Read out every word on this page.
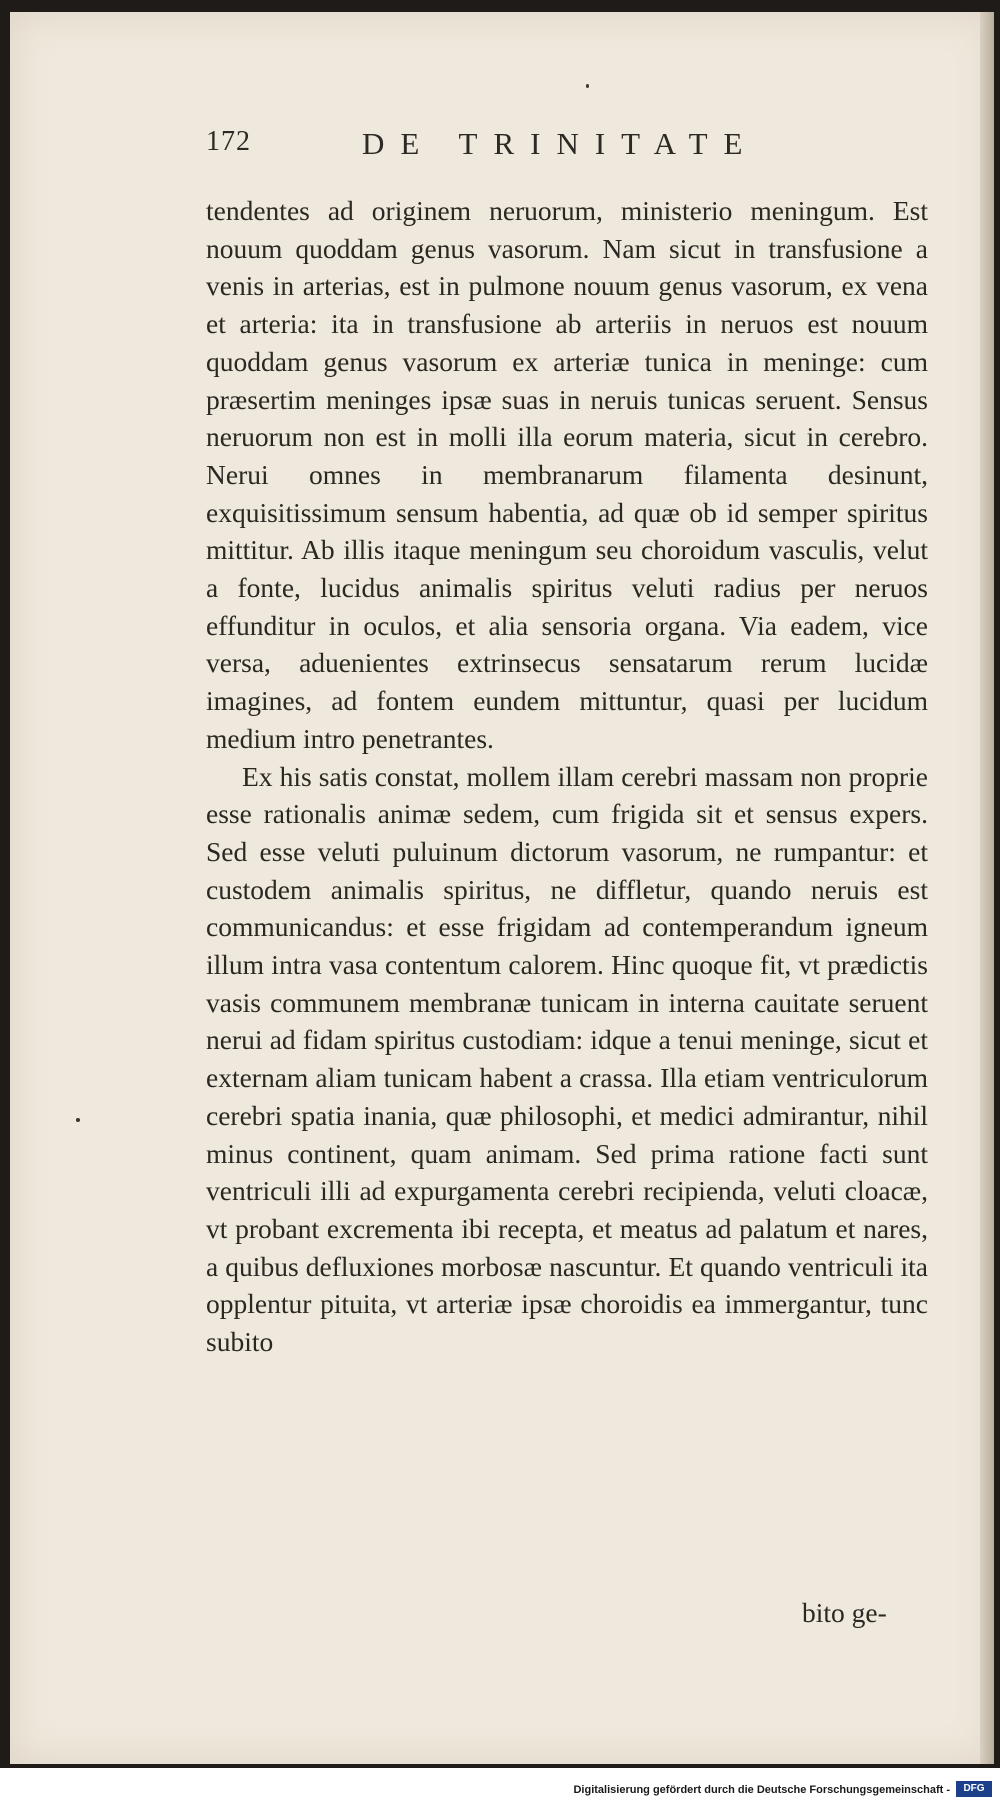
172	DE TRINITATE

tendentes ad originem neruorum, ministerio meningum. Est nouum quoddam genus vasorum. Nam sicut in transfusione a venis in arterias, est in pulmone nouum genus vasorum, ex vena et arteria: ita in transfusione ab arteriis in neruos est nouum quoddam genus vasorum ex arteriæ tunica in meninge: cum præsertim meninges ipsæ suas in neruis tunicas seruent. Sensus neruorum non est in molli illa eorum materia, sicut in cerebro. Nerui omnes in membranarum filamenta desinunt, exquisitissimum sensum habentia, ad quæ ob id semper spiritus mittitur. Ab illis itaque meningum seu choroidum vasculis, velut a fonte, lucidus animalis spiritus veluti radius per neruos effunditur in oculos, et alia sensoria organa. Via eadem, vice versa, aduenientes extrinsecus sensatarum rerum lucidæ imagines, ad fontem eundem mittuntur, quasi per lucidum medium intro penetrantes.

Ex his satis constat, mollem illam cerebri massam non proprie esse rationalis animæ sedem, cum frigida sit et sensus expers. Sed esse veluti puluinum dictorum vasorum, ne rumpantur: et custodem animalis spiritus, ne diffletur, quando neruis est communicandus: et esse frigidam ad contemperandum igneum illum intra vasa contentum calorem. Hinc quoque fit, vt prædictis vasis communem membranæ tunicam in interna cauitate seruent nerui ad fidam spiritus custodiam: idque a tenui meninge, sicut et externam aliam tunicam habent a crassa. Illa etiam ventriculorum cerebri spatia inania, quæ philosophi, et medici admirantur, nihil minus continent, quam animam. Sed prima ratione facti sunt ventriculi illi ad expurgamenta cerebri recipienda, veluti cloacæ, vt probant excrementa ibi recepta, et meatus ad palatum et nares, a quibus defluxiones morbosæ nascuntur. Et quando ventriculi ita opplentur pituita, vt arteriæ ipsæ choroidis ea immergantur, tunc subito

bito ge-
Digitalisierung gefördert durch die Deutsche Forschungsgemeinschaft -	DFG
